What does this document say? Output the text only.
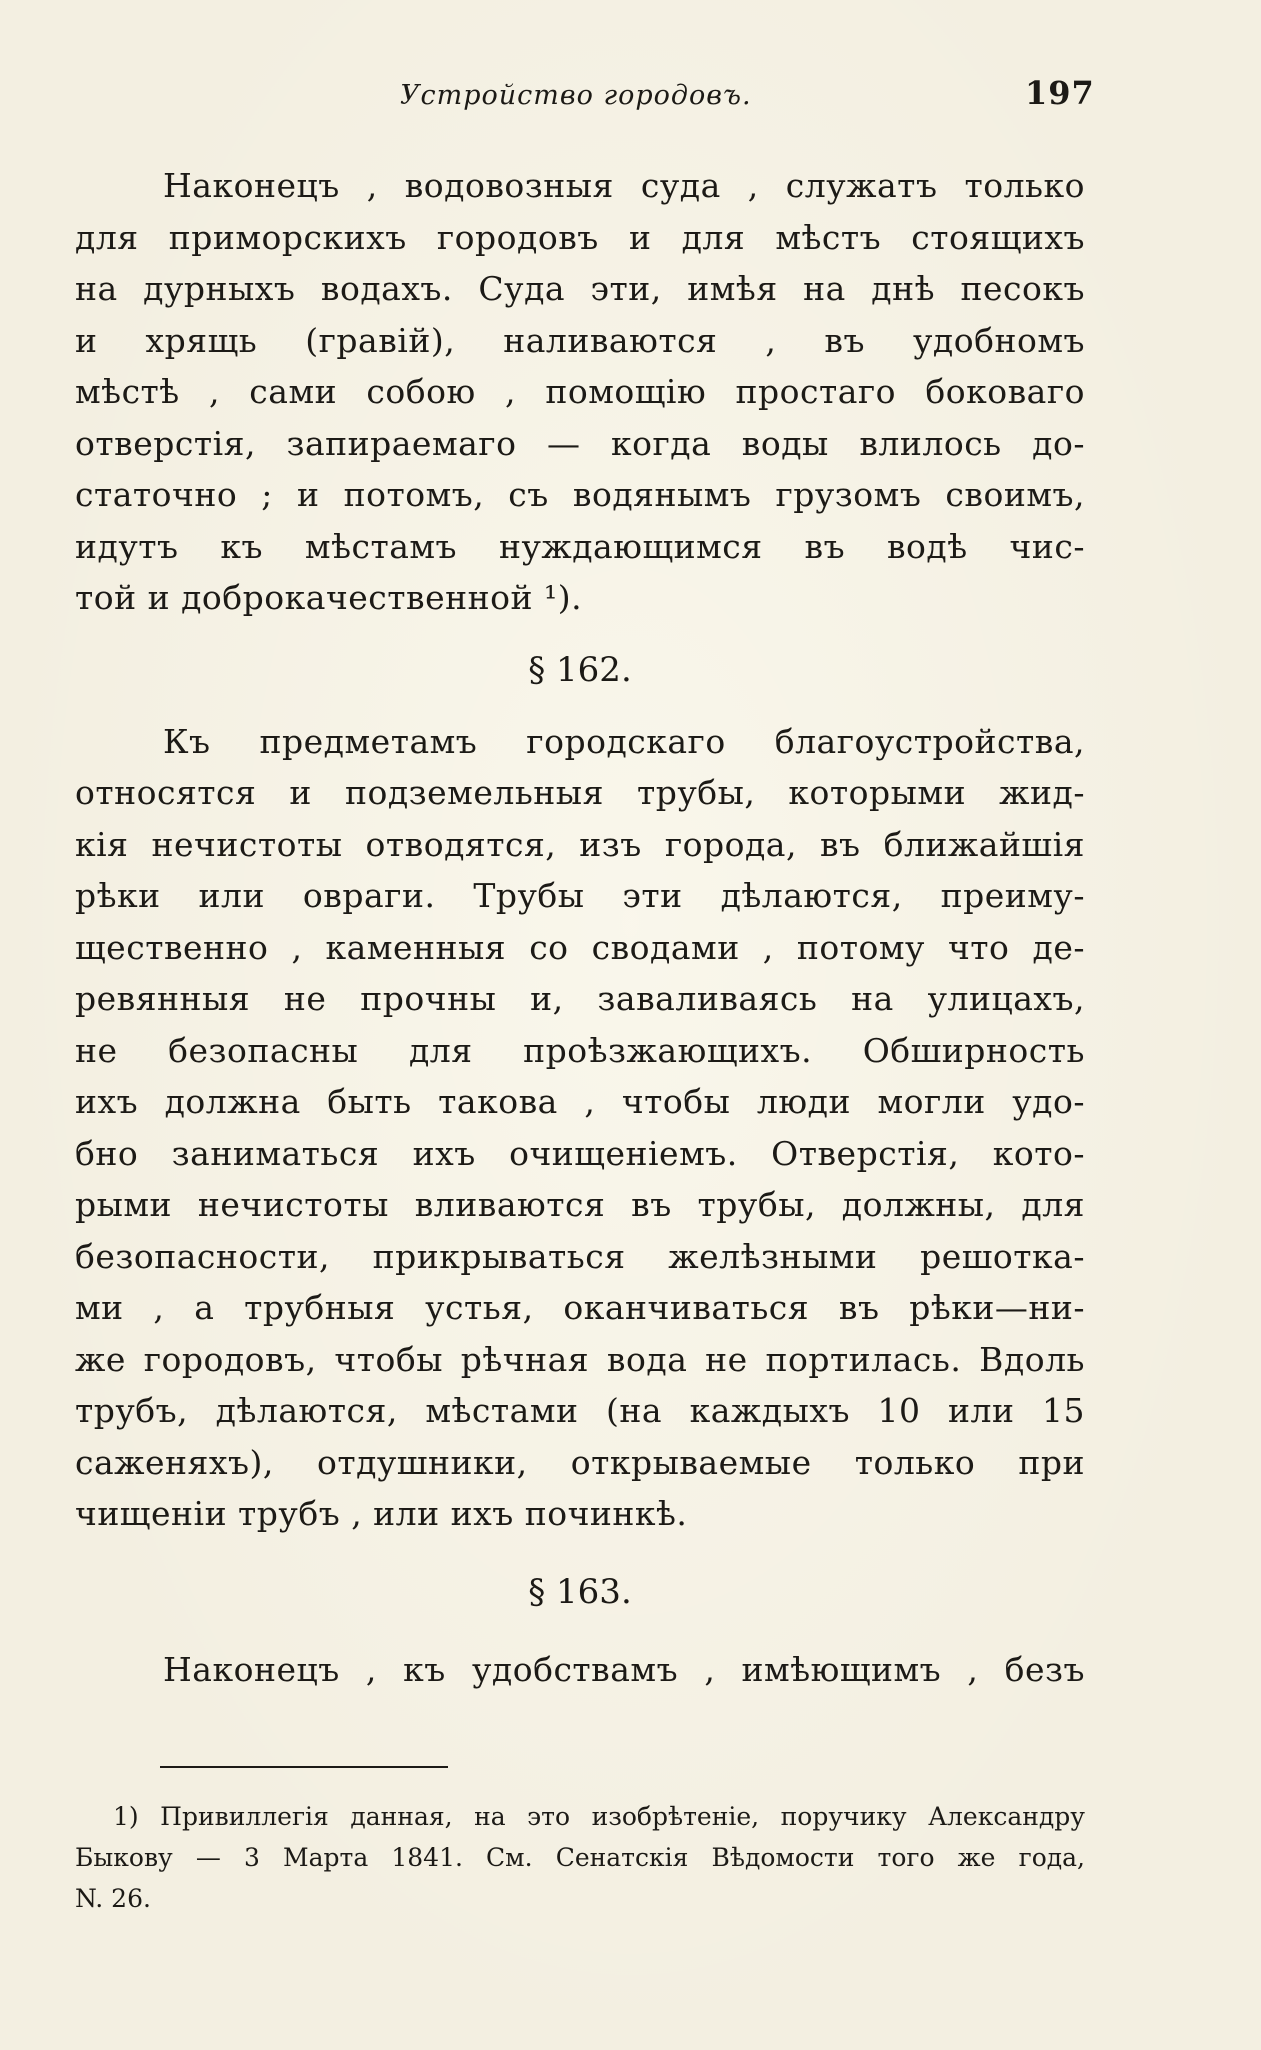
Устройство городовъ.	197
Наконецъ , водовозныя суда , служатъ только
для приморскихъ городовъ и для мѣстъ стоящихъ
на дурныхъ водахъ. Суда эти, имѣя на днѣ песокъ
и хрящь (гравій), наливаются , въ удобномъ
мѣстѣ , сами собою , помощію простаго боковаго
отверстія, запираемаго — когда воды влилось до-
статочно ; и потомъ, съ водянымъ грузомъ своимъ,
идутъ къ мѣстамъ нуждающимся въ водѣ чис-
той и доброкачественной ¹).
§ 162.
Къ предметамъ городскаго благоустройства,
относятся и подземельныя трубы, которыми жид-
кія нечистоты отводятся, изъ города, въ ближайшія
рѣки или овраги. Трубы эти дѣлаются, преиму-
щественно , каменныя со сводами , потому что де-
ревянныя не прочны и, заваливаясь на улицахъ,
не безопасны для проѣзжающихъ. Обширность
ихъ должна быть такова , чтобы люди могли удо-
бно заниматься ихъ очищеніемъ. Отверстія, кото-
рыми нечистоты вливаются въ трубы, должны, для
безопасности, прикрываться желѣзными решотка-
ми , а трубныя устья, оканчиваться въ рѣки—ни-
же городовъ, чтобы рѣчная вода не портилась. Вдоль
трубъ, дѣлаются, мѣстами (на каждыхъ 10 или 15
саженяхъ), отдушники, открываемые только при
чищеніи трубъ , или ихъ починкѣ.
§ 163.
Наконецъ , къ удобствамъ , имѣющимъ , безъ
1) Привиллегія данная, на это изобрѣтеніе, поручику Александру
Быкову — 3 Марта 1841. См. Сенатскія Вѣдомости того же года,
N. 26.
